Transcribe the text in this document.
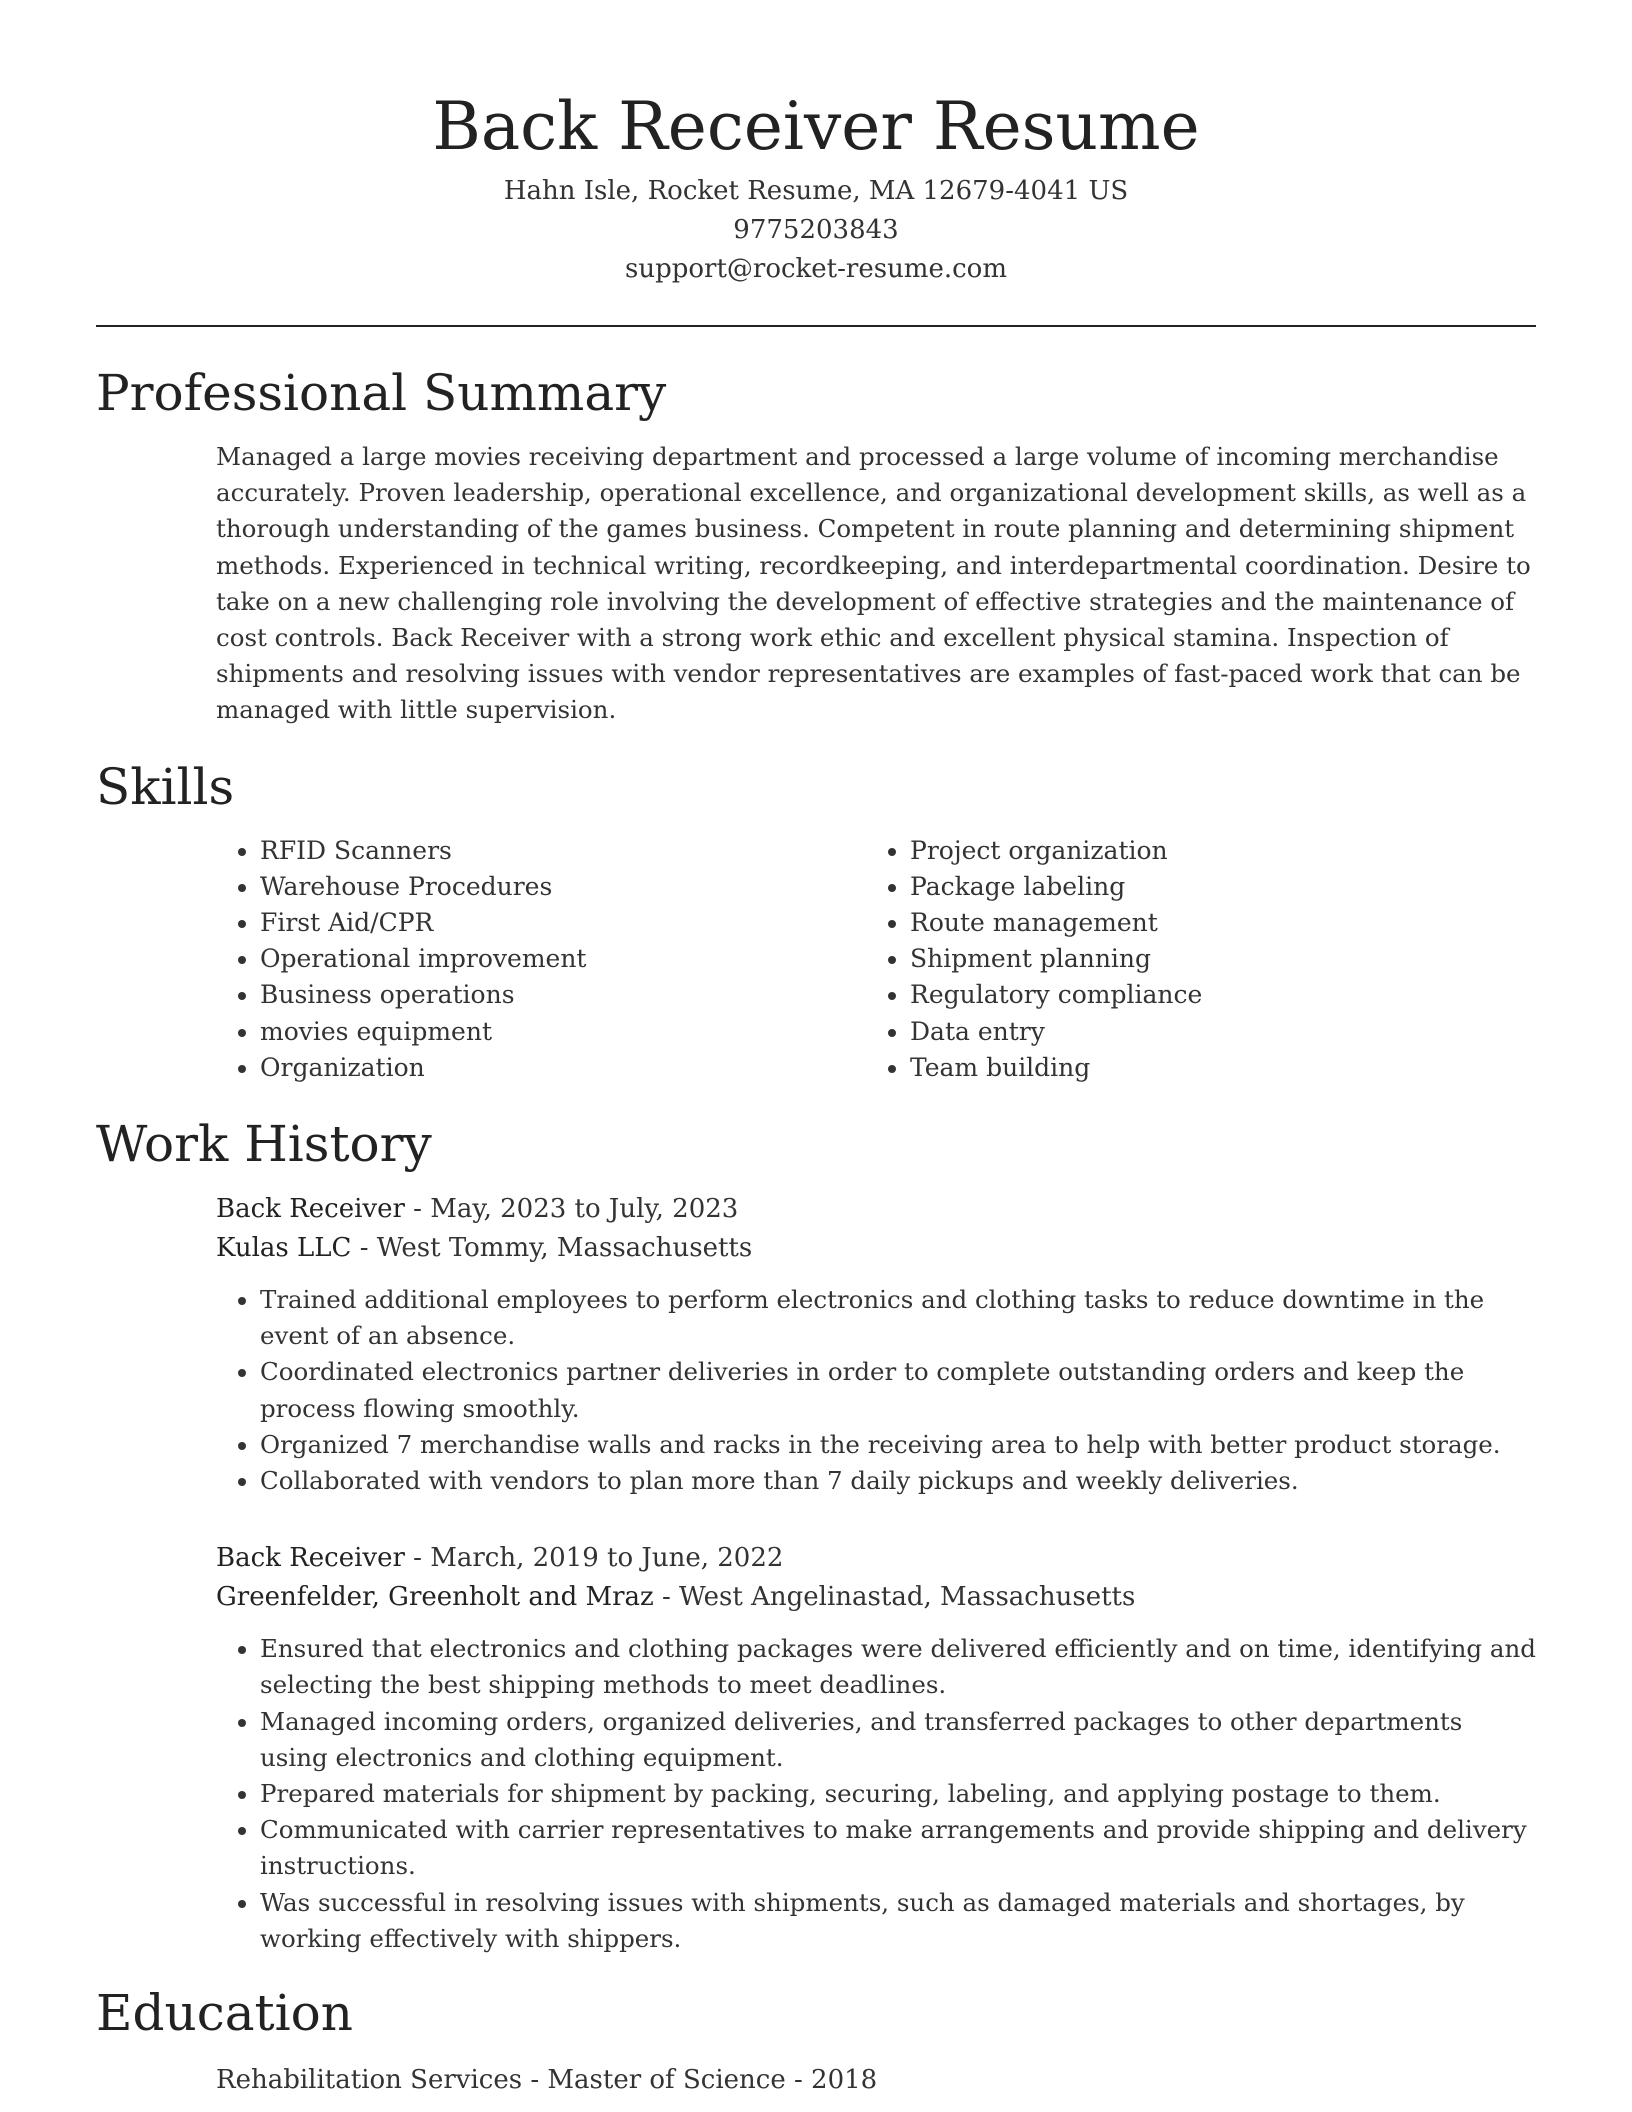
Back Receiver Resume
Hahn Isle, Rocket Resume, MA 12679-4041 US
9775203843
support@rocket-resume.com
Professional Summary
Managed a large movies receiving department and processed a large volume of incoming merchandise accurately. Proven leadership, operational excellence, and organizational development skills, as well as a thorough understanding of the games business. Competent in route planning and determining shipment methods. Experienced in technical writing, recordkeeping, and interdepartmental coordination. Desire to take on a new challenging role involving the development of effective strategies and the maintenance of cost controls. Back Receiver with a strong work ethic and excellent physical stamina. Inspection of shipments and resolving issues with vendor representatives are examples of fast-paced work that can be managed with little supervision.
Skills
• RFID Scanners
• Warehouse Procedures
• First Aid/CPR
• Operational improvement
• Business operations
• movies equipment
• Organization
• Project organization
• Package labeling
• Route management
• Shipment planning
• Regulatory compliance
• Data entry
• Team building
Work History
Back Receiver - May, 2023 to July, 2023
Kulas LLC - West Tommy, Massachusetts
• Trained additional employees to perform electronics and clothing tasks to reduce downtime in the event of an absence.
• Coordinated electronics partner deliveries in order to complete outstanding orders and keep the process flowing smoothly.
• Organized 7 merchandise walls and racks in the receiving area to help with better product storage.
• Collaborated with vendors to plan more than 7 daily pickups and weekly deliveries.
Back Receiver - March, 2019 to June, 2022
Greenfelder, Greenholt and Mraz - West Angelinastad, Massachusetts
• Ensured that electronics and clothing packages were delivered efficiently and on time, identifying and selecting the best shipping methods to meet deadlines.
• Managed incoming orders, organized deliveries, and transferred packages to other departments using electronics and clothing equipment.
• Prepared materials for shipment by packing, securing, labeling, and applying postage to them.
• Communicated with carrier representatives to make arrangements and provide shipping and delivery instructions.
• Was successful in resolving issues with shipments, such as damaged materials and shortages, by working effectively with shippers.
Education
Rehabilitation Services - Master of Science - 2018
